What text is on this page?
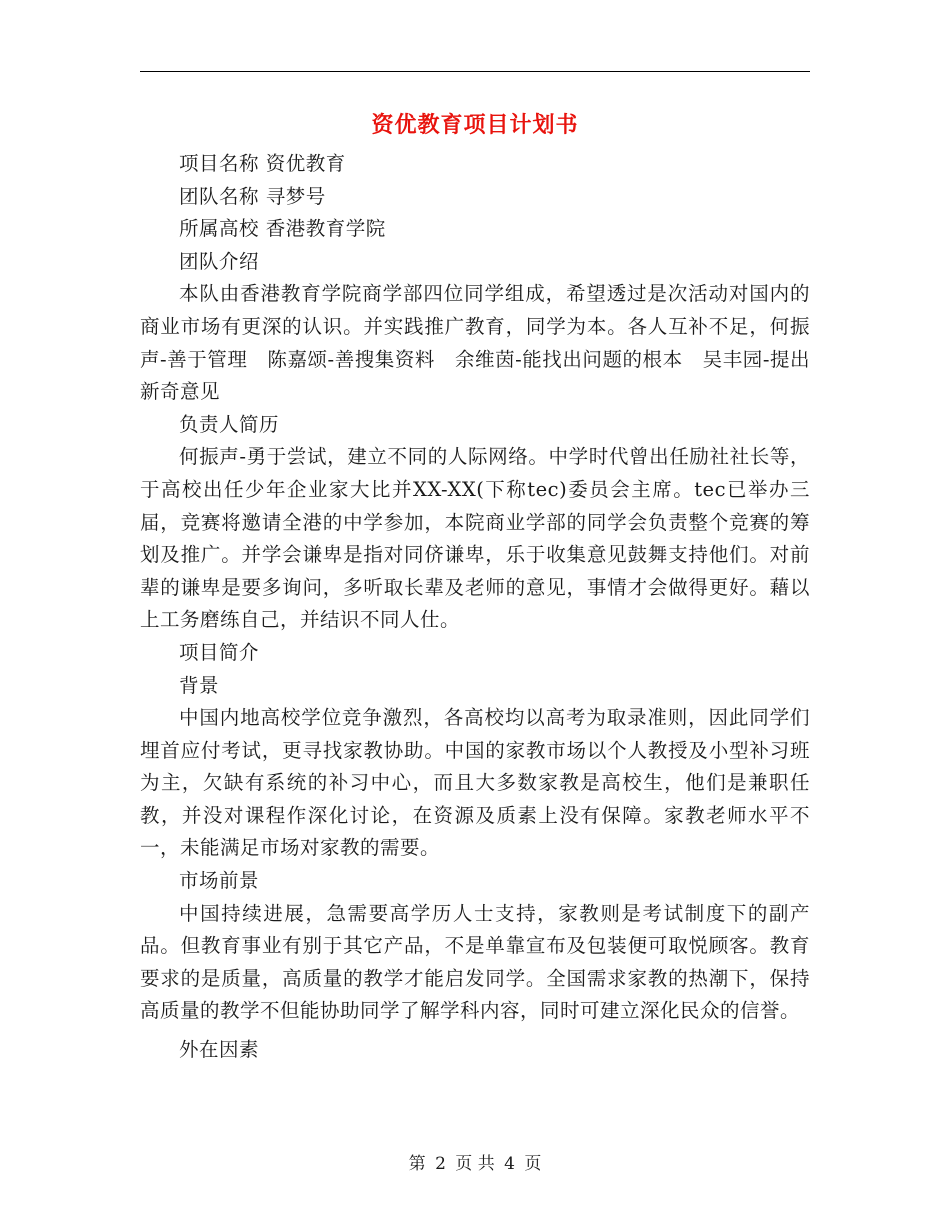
资优教育项目计划书

项目名称 资优教育

团队名称 寻梦号

所属高校 香港教育学院

团队介绍

本队由香港教育学院商学部四位同学组成，希望透过是次活动对国内的商业市场有更深的认识。并实践推广教育，同学为本。各人互补不足，何振声-善于管理　陈嘉颂-善搜集资料　余维茵-能找出问题的根本　吴丰园-提出新奇意见

负责人简历

何振声-勇于尝试，建立不同的人际网络。中学时代曾出任励社社长等，于高校出任少年企业家大比并XX-XX(下称tec)委员会主席。tec已举办三届，竞赛将邀请全港的中学参加，本院商业学部的同学会负责整个竞赛的筹划及推广。并学会谦卑是指对同侪谦卑，乐于收集意见鼓舞支持他们。对前辈的谦卑是要多询问，多听取长辈及老师的意见，事情才会做得更好。藉以上工务磨练自己，并结识不同人仕。

项目简介

背景

中国内地高校学位竞争激烈，各高校均以高考为取录准则，因此同学们埋首应付考试，更寻找家教协助。中国的家教市场以个人教授及小型补习班为主，欠缺有系统的补习中心，而且大多数家教是高校生，他们是兼职任教，并没对课程作深化讨论，在资源及质素上没有保障。家教老师水平不一，未能满足市场对家教的需要。

市场前景

中国持续进展，急需要高学历人士支持，家教则是考试制度下的副产品。但教育事业有别于其它产品，不是单靠宣布及包装便可取悦顾客。教育要求的是质量，高质量的教学才能启发同学。全国需求家教的热潮下，保持高质量的教学不但能协助同学了解学科内容，同时可建立深化民众的信誉。

外在因素

第 2 页 共 4 页
